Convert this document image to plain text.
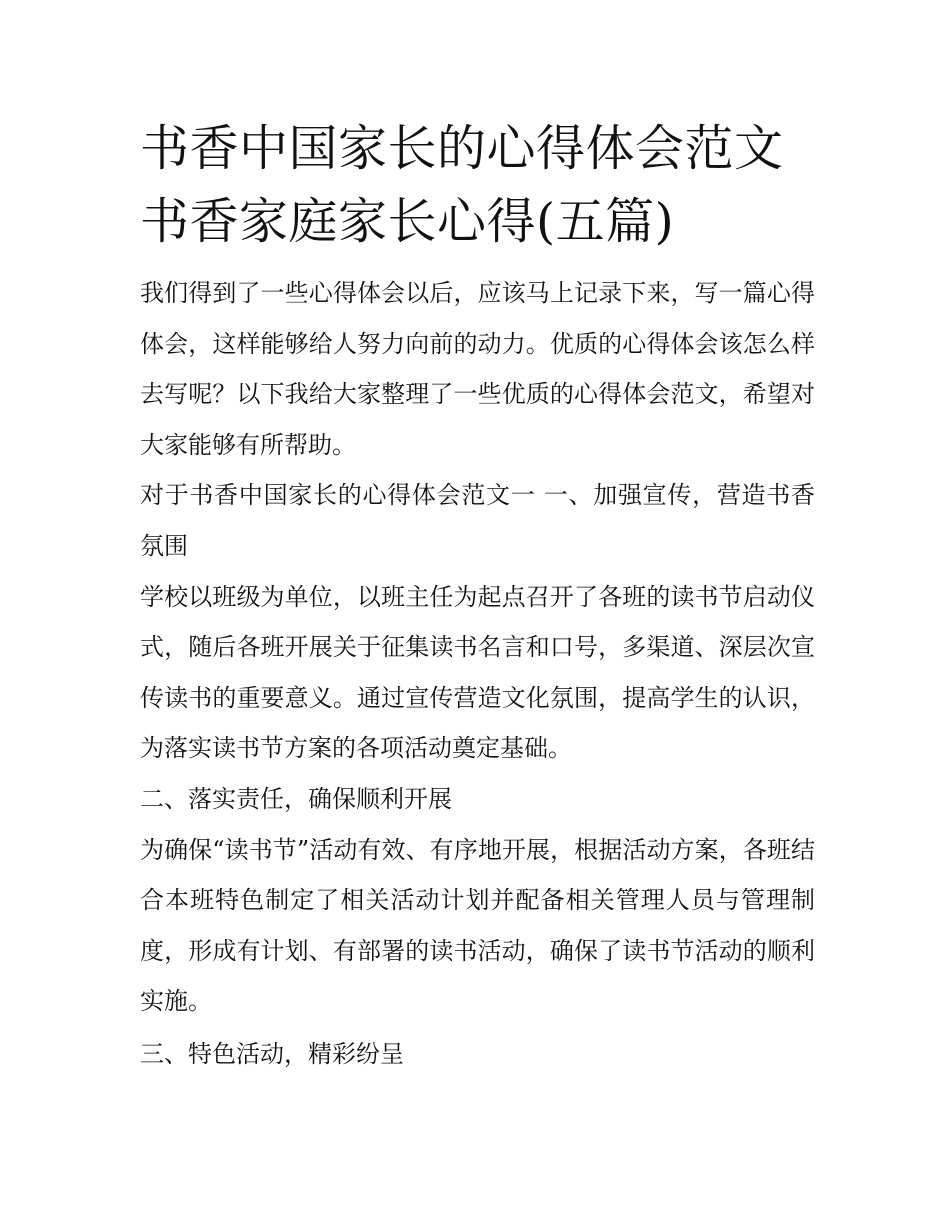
书香中国家长的心得体会范文
书香家庭家长心得(五篇)

我们得到了一些心得体会以后，应该马上记录下来，写一篇心得体会，这样能够给人努力向前的动力。优质的心得体会该怎么样去写呢？以下我给大家整理了一些优质的心得体会范文，希望对大家能够有所帮助。

对于书香中国家长的心得体会范文一 一、加强宣传，营造书香氛围

学校以班级为单位，以班主任为起点召开了各班的读书节启动仪式，随后各班开展关于征集读书名言和口号，多渠道、深层次宣传读书的重要意义。通过宣传营造文化氛围，提高学生的认识，为落实读书节方案的各项活动奠定基础。

二、落实责任，确保顺利开展

为确保“读书节”活动有效、有序地开展，根据活动方案，各班结合本班特色制定了相关活动计划并配备相关管理人员与管理制度，形成有计划、有部署的读书活动，确保了读书节活动的顺利实施。

三、特色活动，精彩纷呈
